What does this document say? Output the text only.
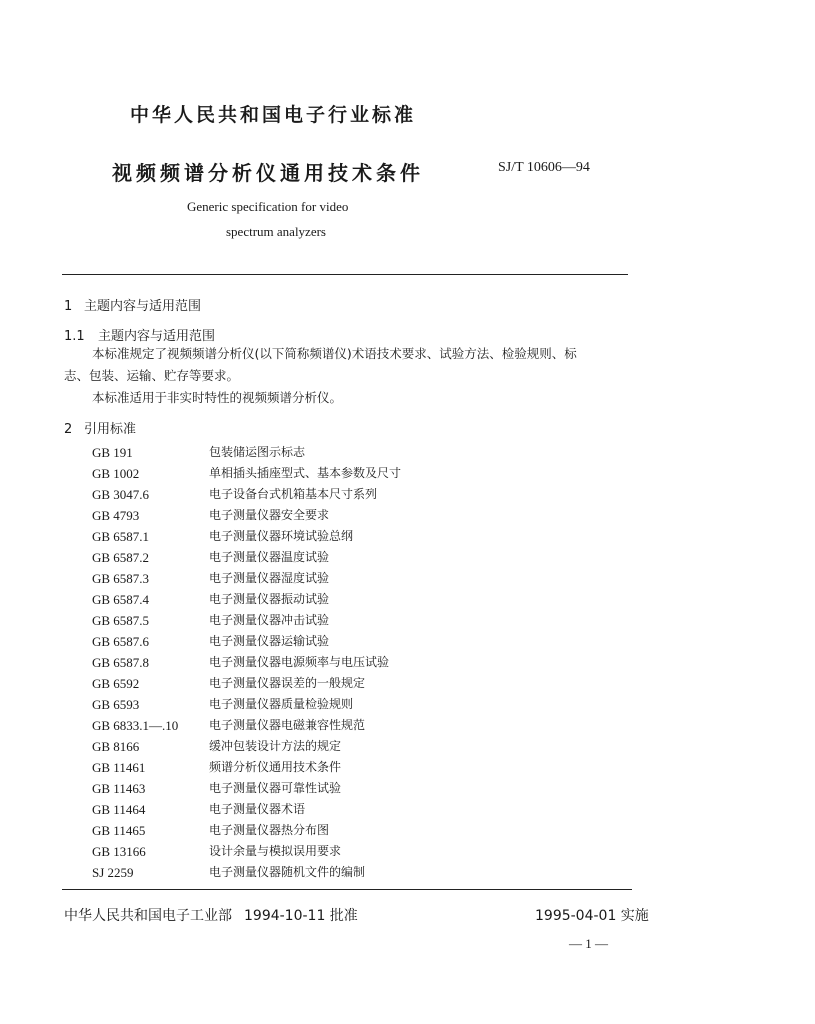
中华人民共和国电子行业标准
视频频谱分析仪通用技术条件	SJ/T 10606—94
Generic specification for video
spectrum analyzers
1 主题内容与适用范围
1.1 主题内容与适用范围
本标准规定了视频频谱分析仪(以下简称频谱仪)术语技术要求、试验方法、检验规则、标
志、包装、运输、贮存等要求。
本标准适用于非实时特性的视频频谱分析仪。
2 引用标准
GB 191	包装储运图示标志
GB 1002	单相插头插座型式、基本参数及尺寸
GB 3047.6	电子设备台式机箱基本尺寸系列
GB 4793	电子测量仪器安全要求
GB 6587.1	电子测量仪器环境试验总纲
GB 6587.2	电子测量仪器温度试验
GB 6587.3	电子测量仪器湿度试验
GB 6587.4	电子测量仪器振动试验
GB 6587.5	电子测量仪器冲击试验
GB 6587.6	电子测量仪器运输试验
GB 6587.8	电子测量仪器电源频率与电压试验
GB 6592	电子测量仪器误差的一般规定
GB 6593	电子测量仪器质量检验规则
GB 6833.1—.10	电子测量仪器电磁兼容性规范
GB 8166	缓冲包装设计方法的规定
GB 11461	频谱分析仪通用技术条件
GB 11463	电子测量仪器可靠性试验
GB 11464	电子测量仪器术语
GB 11465	电子测量仪器热分布图
GB 13166	设计余量与模拟误用要求
SJ 2259	电子测量仪器随机文件的编制
中华人民共和国电子工业部 1994-10-11 批准	1995-04-01 实施
— 1 —
